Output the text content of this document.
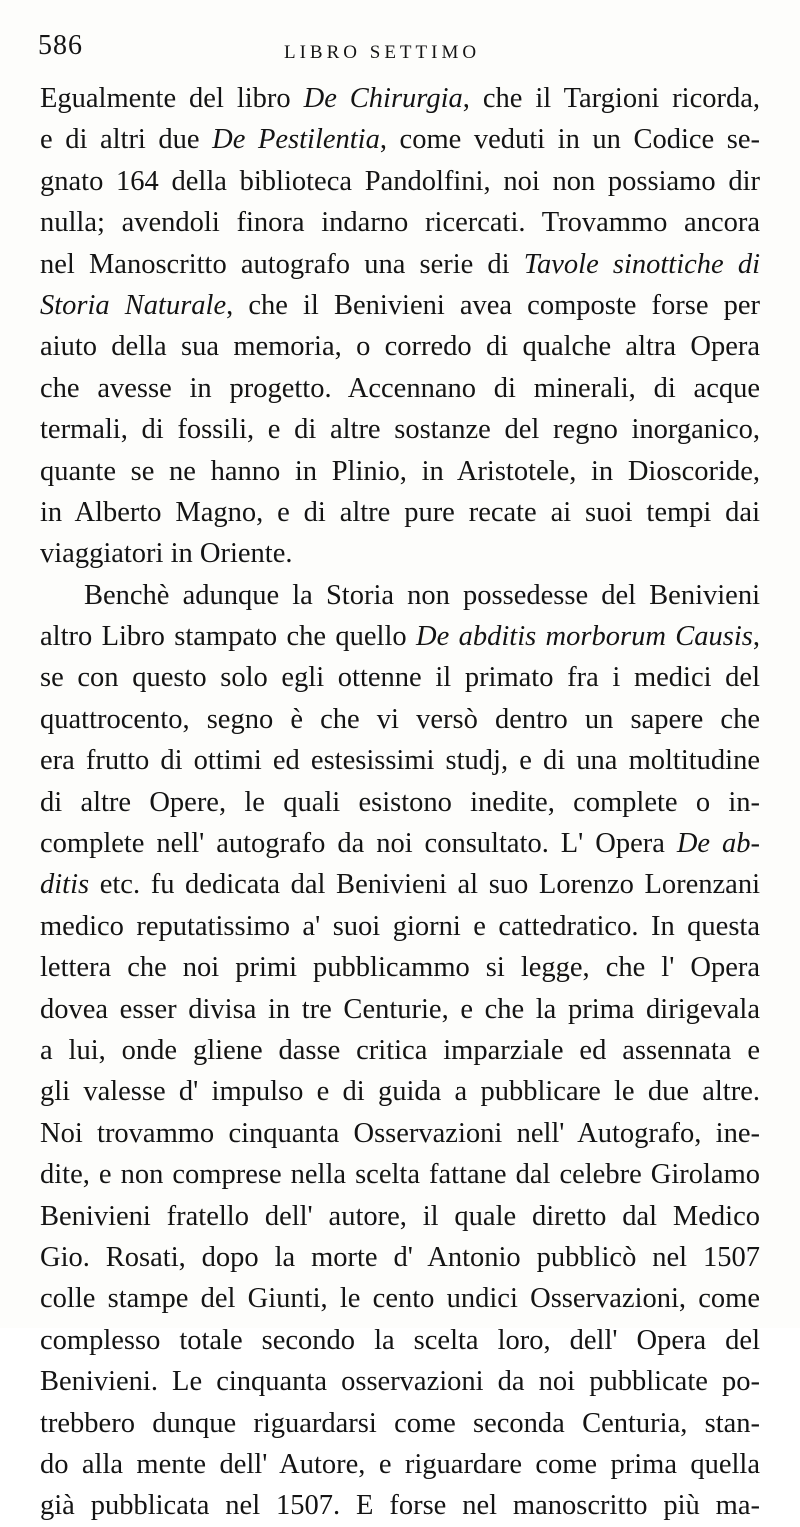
586	LIBRO SETTIMO
Egualmente del libro De Chirurgia, che il Targioni ricorda,
e di altri due De Pestilentia, come veduti in un Codice se-
gnato 164 della biblioteca Pandolfini, noi non possiamo dir
nulla; avendoli finora indarno ricercati. Trovammo ancora
nel Manoscritto autografo una serie di Tavole sinottiche di
Storia Naturale, che il Benivieni avea composte forse per
aiuto della sua memoria, o corredo di qualche altra Opera
che avesse in progetto. Accennano di minerali, di acque
termali, di fossili, e di altre sostanze del regno inorganico,
quante se ne hanno in Plinio, in Aristotele, in Dioscoride,
in Alberto Magno, e di altre pure recate ai suoi tempi dai
viaggiatori in Oriente.
Benchè adunque la Storia non possedesse del Benivieni
altro Libro stampato che quello De abditis morborum Causis,
se con questo solo egli ottenne il primato fra i medici del
quattrocento, segno è che vi versò dentro un sapere che
era frutto di ottimi ed estesissimi studj, e di una moltitudine
di altre Opere, le quali esistono inedite, complete o in-
complete nell' autografo da noi consultato. L' Opera De ab-
ditis etc. fu dedicata dal Benivieni al suo Lorenzo Lorenzani
medico reputatissimo a' suoi giorni e cattedratico. In questa
lettera che noi primi pubblicammo si legge, che l' Opera
dovea esser divisa in tre Centurie, e che la prima dirigevala
a lui, onde gliene dasse critica imparziale ed assennata e
gli valesse d' impulso e di guida a pubblicare le due altre.
Noi trovammo cinquanta Osservazioni nell' Autografo, ine-
dite, e non comprese nella scelta fattane dal celebre Girolamo
Benivieni fratello dell' autore, il quale diretto dal Medico
Gio. Rosati, dopo la morte d' Antonio pubblicò nel 1507
colle stampe del Giunti, le cento undici Osservazioni, come
complesso totale secondo la scelta loro, dell' Opera del
Benivieni. Le cinquanta osservazioni da noi pubblicate po-
trebbero dunque riguardarsi come seconda Centuria, stan-
do alla mente dell' Autore, e riguardare come prima quella
già pubblicata nel 1507. E forse nel manoscritto più ma-
